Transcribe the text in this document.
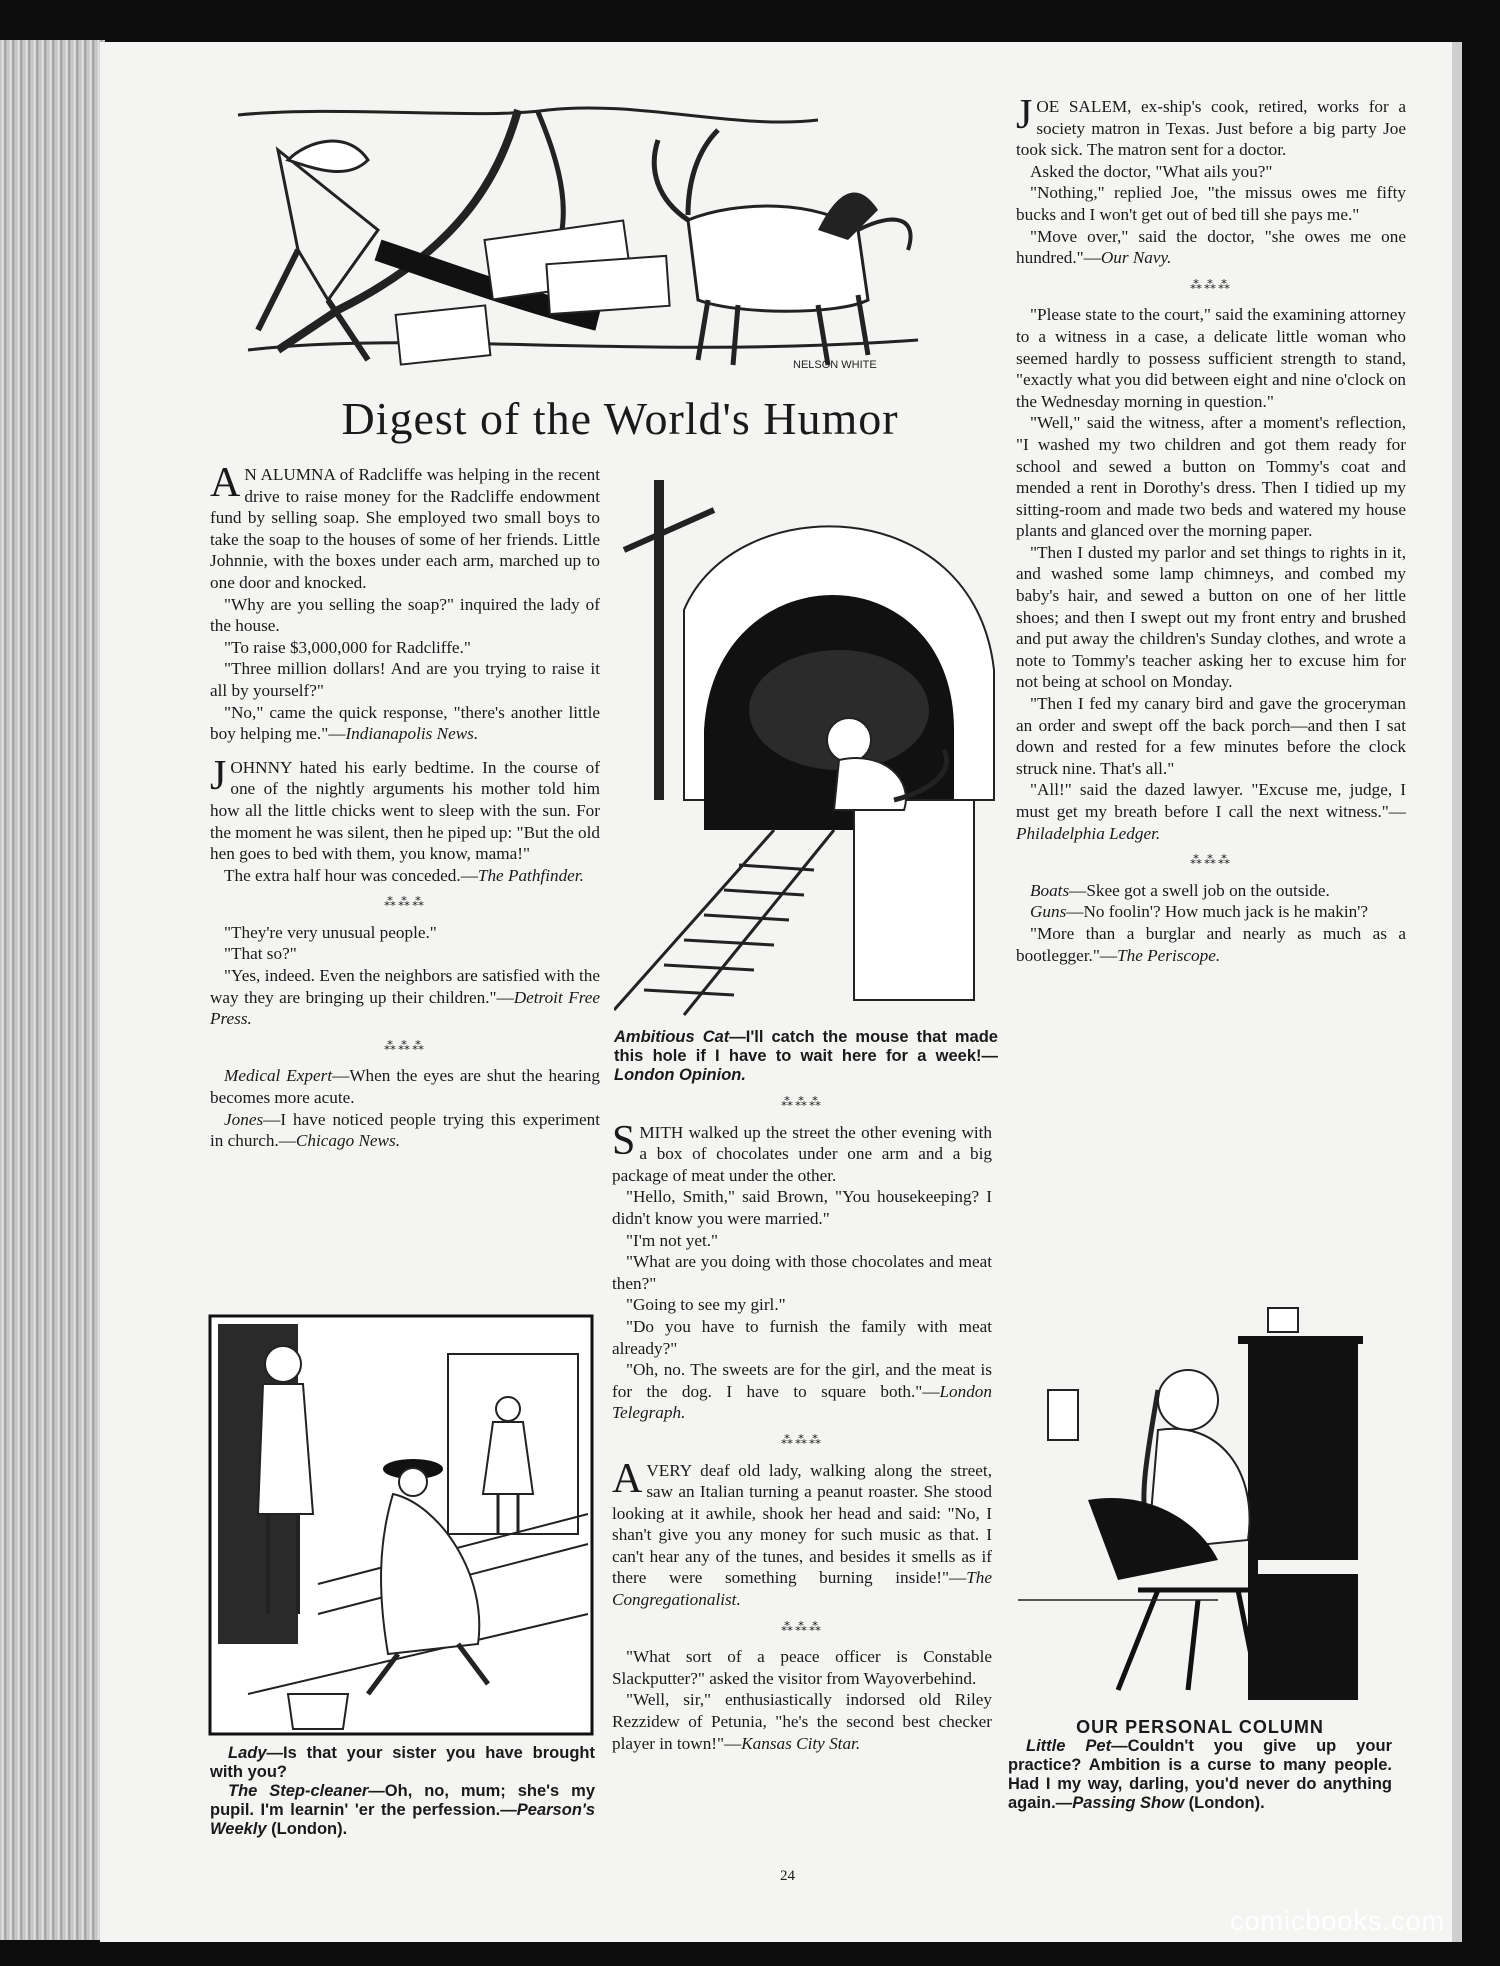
NELSON WHITE
Digest of the World's Humor

A N ALUMNA of Radcliffe was helping in the recent drive to raise money for the Radcliffe endowment fund by selling soap. She employed two small boys to take the soap to the houses of some of her friends. Little Johnnie, with the boxes under each arm, marched up to one door and knocked.

"Why are you selling the soap?" inquired the lady of the house.

"To raise $3,000,000 for Radcliffe."

"Three million dollars! And are you trying to raise it all by yourself?"

"No," came the quick response, "there's another little boy helping me."—Indianapolis News.

JOHNNY hated his early bedtime. In the course of one of the nightly arguments his mother told him how all the little chicks went to sleep with the sun. For the moment he was silent, then he piped up: "But the old hen goes to bed with them, you know, mama!"

The extra half hour was conceded.—The Pathfinder.

⁂⁂⁂

"They're very unusual people."

"That so?"

"Yes, indeed. Even the neighbors are satisfied with the way they are bringing up their children."—Detroit Free Press.

⁂⁂⁂

Medical Expert—When the eyes are shut the hearing becomes more acute.

Jones—I have noticed people trying this experiment in church.—Chicago News.

Lady—Is that your sister you have brought with you?

The Step-cleaner—Oh, no, mum; she's my pupil. I'm learnin' 'er the perfession.—Pearson's Weekly (London).

Ambitious Cat—I'll catch the mouse that made this hole if I have to wait here for a week!—London Opinion.

⁂⁂⁂

SMITH walked up the street the other evening with a box of chocolates under one arm and a big package of meat under the other.

"Hello, Smith," said Brown, "You housekeeping? I didn't know you were married."

"I'm not yet."

"What are you doing with those chocolates and meat then?"

"Going to see my girl."

"Do you have to furnish the family with meat already?"

"Oh, no. The sweets are for the girl, and the meat is for the dog. I have to square both."—London Telegraph.

⁂⁂⁂

A VERY deaf old lady, walking along the street, saw an Italian turning a peanut roaster. She stood looking at it awhile, shook her head and said: "No, I shan't give you any money for such music as that. I can't hear any of the tunes, and besides it smells as if there were something burning inside!"—The Congregationalist.

⁂⁂⁂

"What sort of a peace officer is Constable Slackputter?" asked the visitor from Wayoverbehind.

"Well, sir," enthusiastically indorsed old Riley Rezzidew of Petunia, "he's the second best checker player in town!"—Kansas City Star.

JOE SALEM, ex-ship's cook, retired, works for a society matron in Texas. Just before a big party Joe took sick. The matron sent for a doctor.

Asked the doctor, "What ails you?"

"Nothing," replied Joe, "the missus owes me fifty bucks and I won't get out of bed till she pays me."

"Move over," said the doctor, "she owes me one hundred."—Our Navy.

⁂⁂⁂

"Please state to the court," said the examining attorney to a witness in a case, a delicate little woman who seemed hardly to possess sufficient strength to stand, "exactly what you did between eight and nine o'clock on the Wednesday morning in question."

"Well," said the witness, after a moment's reflection, "I washed my two children and got them ready for school and sewed a button on Tommy's coat and mended a rent in Dorothy's dress. Then I tidied up my sitting-room and made two beds and watered my house plants and glanced over the morning paper.

"Then I dusted my parlor and set things to rights in it, and washed some lamp chimneys, and combed my baby's hair, and sewed a button on one of her little shoes; and then I swept out my front entry and brushed and put away the children's Sunday clothes, and wrote a note to Tommy's teacher asking her to excuse him for not being at school on Monday.

"Then I fed my canary bird and gave the groceryman an order and swept off the back porch—and then I sat down and rested for a few minutes before the clock struck nine. That's all."

"All!" said the dazed lawyer. "Excuse me, judge, I must get my breath before I call the next witness."—Philadelphia Ledger.

⁂⁂⁂

Boats—Skee got a swell job on the outside.

Guns—No foolin'? How much jack is he makin'?

"More than a burglar and nearly as much as a bootlegger."—The Periscope.

OUR PERSONAL COLUMN

Little Pet—Couldn't you give up your practice? Ambition is a curse to many people. Had I my way, darling, you'd never do anything again.—Passing Show (London).

24
comicbooks.com
